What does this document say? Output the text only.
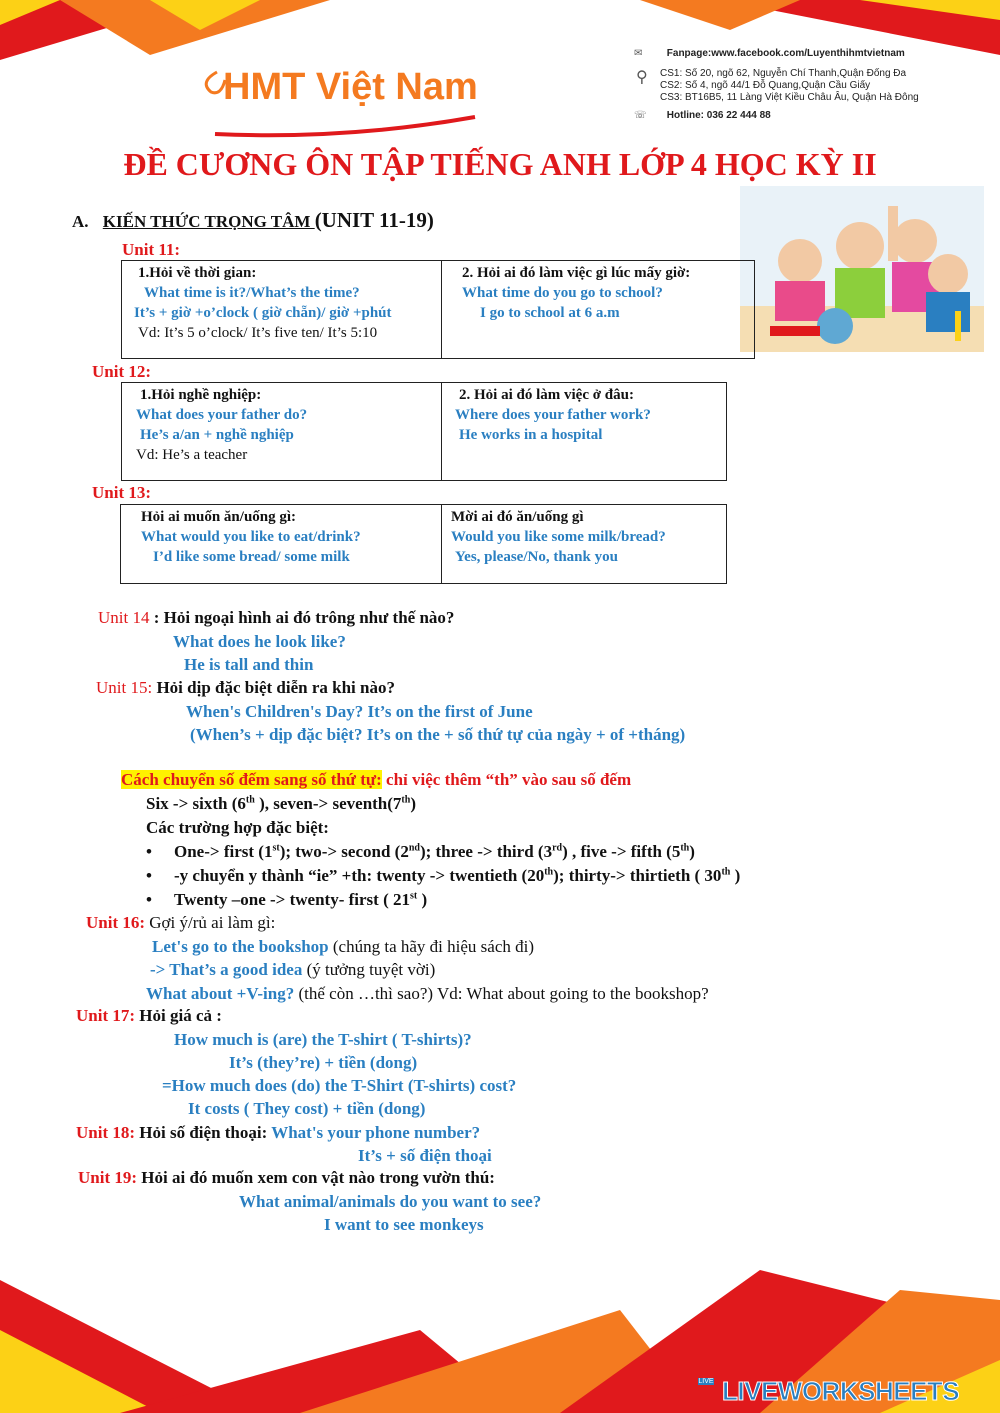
HMT Việt Nam
✉ Fanpage:www.facebook.com/Luyenthihmtvietnam
⚲ CS1: Số 20, ngõ 62, Nguyễn Chí Thanh,Quận Đống Đa
CS2: Số 4, ngõ 44/1 Đỗ Quang,Quận Cầu Giấy
CS3: BT16B5, 11 Làng Việt Kiều Châu Âu, Quận Hà Đông
☏ Hotline: 036 22 444 88
ĐỀ CƯƠNG ÔN TẬP TIẾNG ANH LỚP 4 HỌC KỲ II
A. KIẾN THỨC TRỌNG TÂM (UNIT 11-19)
Unit 11:
1.Hỏi về thời gian:
What time is it?/What’s the time?
It’s + giờ +o’clock ( giờ chẵn)/ giờ +phút
Vd: It’s 5 o’clock/ It’s five ten/ It’s 5:10
2. Hỏi ai đó làm việc gì lúc mấy giờ:
What time do you go to school?
I go to school at 6 a.m
Unit 12:
1.Hỏi nghề nghiệp:
What does your father do?
He’s a/an + nghề nghiệp
Vd: He’s a teacher
2. Hỏi ai đó làm việc ở đâu:
Where does your father work?
He works in a hospital
Unit 13:
Hỏi ai muốn ăn/uống gì:
What would you like to eat/drink?
I’d like some bread/ some milk
Mời ai đó ăn/uống gì
Would you like some milk/bread?
Yes, please/No, thank you
Unit 14 : Hỏi ngoại hình ai đó trông như thế nào?
What does he look like?
He is tall and thin
Unit 15: Hỏi dịp đặc biệt diễn ra khi nào?
When's Children's Day? It’s on the first of June
(When’s + dịp đặc biệt? It’s on the + số thứ tự của ngày + of +tháng)
Cách chuyển số đếm sang số thứ tự: chỉ việc thêm “th” vào sau số đếm
Six -> sixth (6th ), seven-> seventh(7th)
Các trường hợp đặc biệt:
• One-> first (1st); two-> second (2nd); three -> third (3rd) , five -> fifth (5th)
• -y chuyển y thành “ie” +th: twenty -> twentieth (20th); thirty-> thirtieth ( 30th )
• Twenty –one -> twenty- first ( 21st )
Unit 16: Gợi ý/rủ ai làm gì:
Let's go to the bookshop (chúng ta hãy đi hiệu sách đi)
-> That’s a good idea (ý tưởng tuyệt vời)
What about +V-ing? (thế còn …thì sao?) Vd: What about going to the bookshop?
Unit 17: Hỏi giá cả :
How much is (are) the T-shirt ( T-shirts)?
It’s (they’re) + tiền (dong)
=How much does (do) the T-Shirt (T-shirts) cost?
It costs ( They cost) + tiền (dong)
Unit 18: Hỏi số điện thoại: What's your phone number?
It’s + số điện thoại
Unit 19: Hỏi ai đó muốn xem con vật nào trong vườn thú:
What animal/animals do you want to see?
I want to see monkeys
LIVE LIVEWORKSHEETS
